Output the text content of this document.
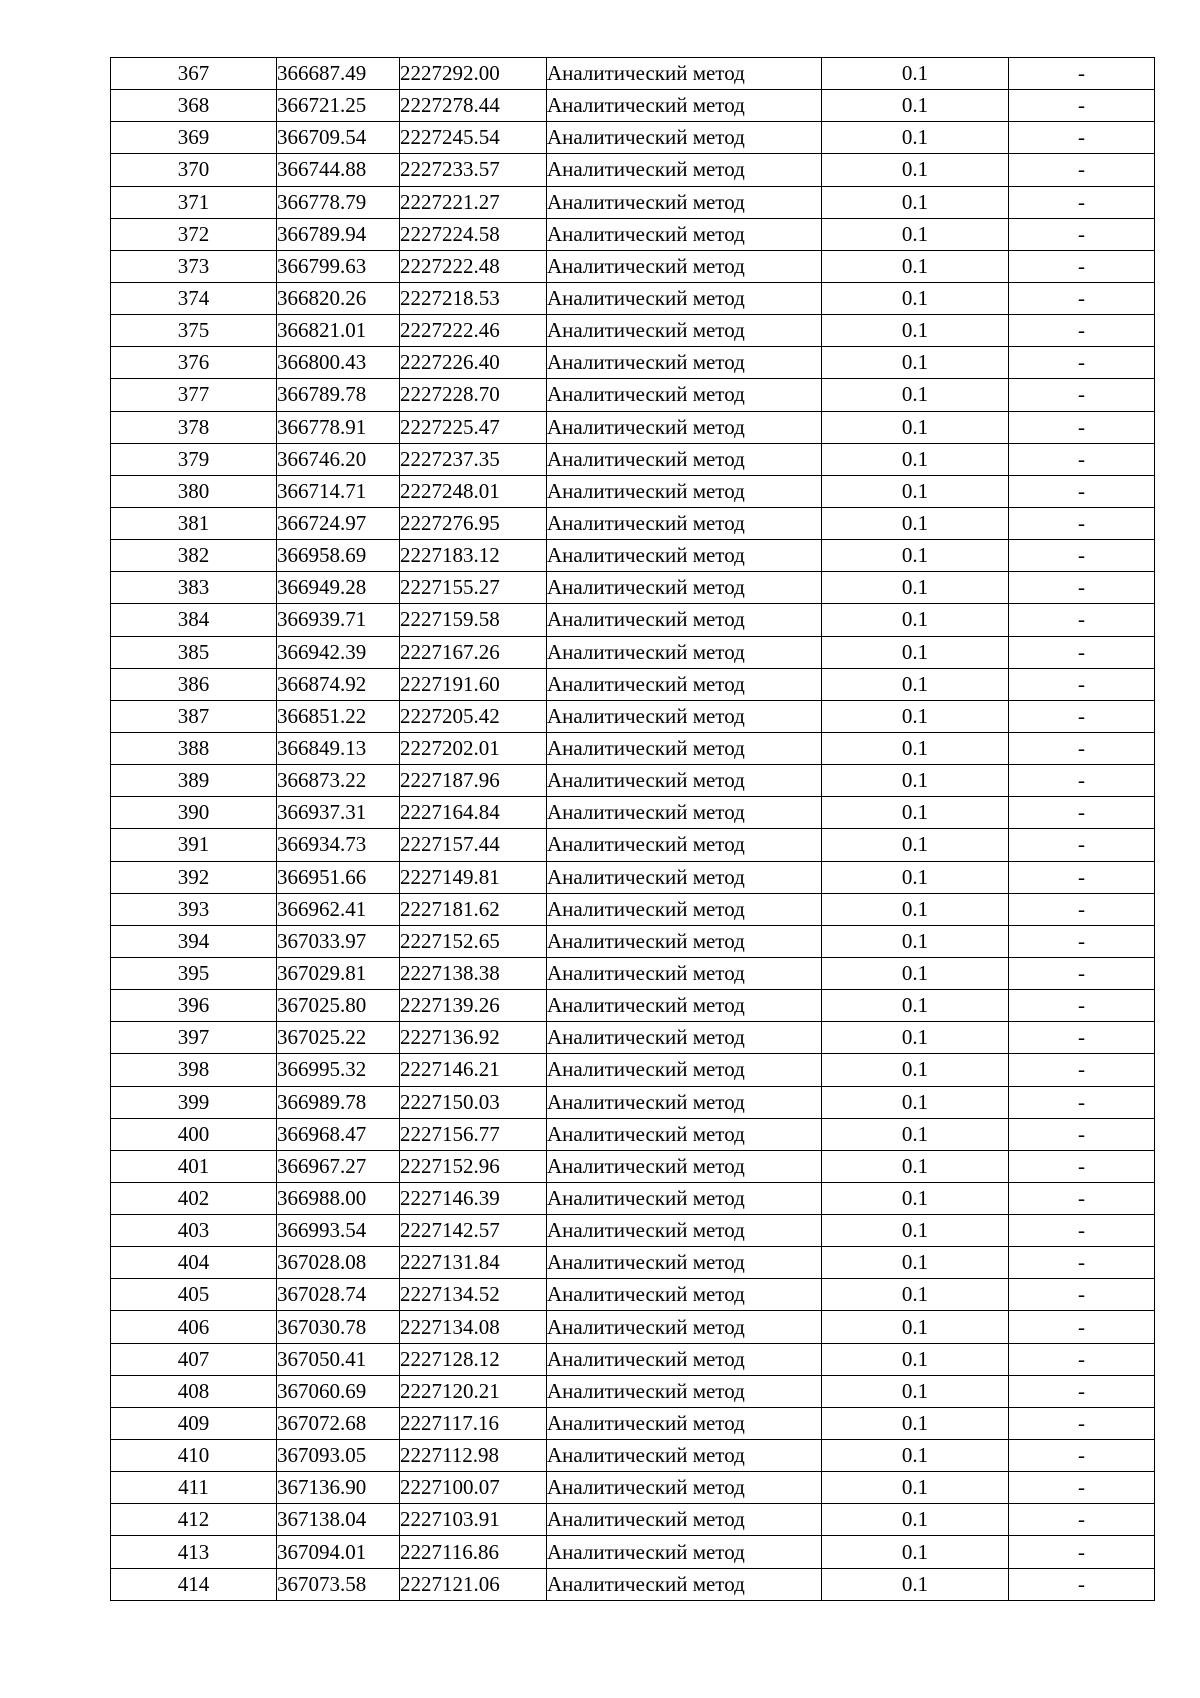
367	366687.49	2227292.00	Аналитический метод	0.1	-
368	366721.25	2227278.44	Аналитический метод	0.1	-
369	366709.54	2227245.54	Аналитический метод	0.1	-
370	366744.88	2227233.57	Аналитический метод	0.1	-
371	366778.79	2227221.27	Аналитический метод	0.1	-
372	366789.94	2227224.58	Аналитический метод	0.1	-
373	366799.63	2227222.48	Аналитический метод	0.1	-
374	366820.26	2227218.53	Аналитический метод	0.1	-
375	366821.01	2227222.46	Аналитический метод	0.1	-
376	366800.43	2227226.40	Аналитический метод	0.1	-
377	366789.78	2227228.70	Аналитический метод	0.1	-
378	366778.91	2227225.47	Аналитический метод	0.1	-
379	366746.20	2227237.35	Аналитический метод	0.1	-
380	366714.71	2227248.01	Аналитический метод	0.1	-
381	366724.97	2227276.95	Аналитический метод	0.1	-
382	366958.69	2227183.12	Аналитический метод	0.1	-
383	366949.28	2227155.27	Аналитический метод	0.1	-
384	366939.71	2227159.58	Аналитический метод	0.1	-
385	366942.39	2227167.26	Аналитический метод	0.1	-
386	366874.92	2227191.60	Аналитический метод	0.1	-
387	366851.22	2227205.42	Аналитический метод	0.1	-
388	366849.13	2227202.01	Аналитический метод	0.1	-
389	366873.22	2227187.96	Аналитический метод	0.1	-
390	366937.31	2227164.84	Аналитический метод	0.1	-
391	366934.73	2227157.44	Аналитический метод	0.1	-
392	366951.66	2227149.81	Аналитический метод	0.1	-
393	366962.41	2227181.62	Аналитический метод	0.1	-
394	367033.97	2227152.65	Аналитический метод	0.1	-
395	367029.81	2227138.38	Аналитический метод	0.1	-
396	367025.80	2227139.26	Аналитический метод	0.1	-
397	367025.22	2227136.92	Аналитический метод	0.1	-
398	366995.32	2227146.21	Аналитический метод	0.1	-
399	366989.78	2227150.03	Аналитический метод	0.1	-
400	366968.47	2227156.77	Аналитический метод	0.1	-
401	366967.27	2227152.96	Аналитический метод	0.1	-
402	366988.00	2227146.39	Аналитический метод	0.1	-
403	366993.54	2227142.57	Аналитический метод	0.1	-
404	367028.08	2227131.84	Аналитический метод	0.1	-
405	367028.74	2227134.52	Аналитический метод	0.1	-
406	367030.78	2227134.08	Аналитический метод	0.1	-
407	367050.41	2227128.12	Аналитический метод	0.1	-
408	367060.69	2227120.21	Аналитический метод	0.1	-
409	367072.68	2227117.16	Аналитический метод	0.1	-
410	367093.05	2227112.98	Аналитический метод	0.1	-
411	367136.90	2227100.07	Аналитический метод	0.1	-
412	367138.04	2227103.91	Аналитический метод	0.1	-
413	367094.01	2227116.86	Аналитический метод	0.1	-
414	367073.58	2227121.06	Аналитический метод	0.1	-
